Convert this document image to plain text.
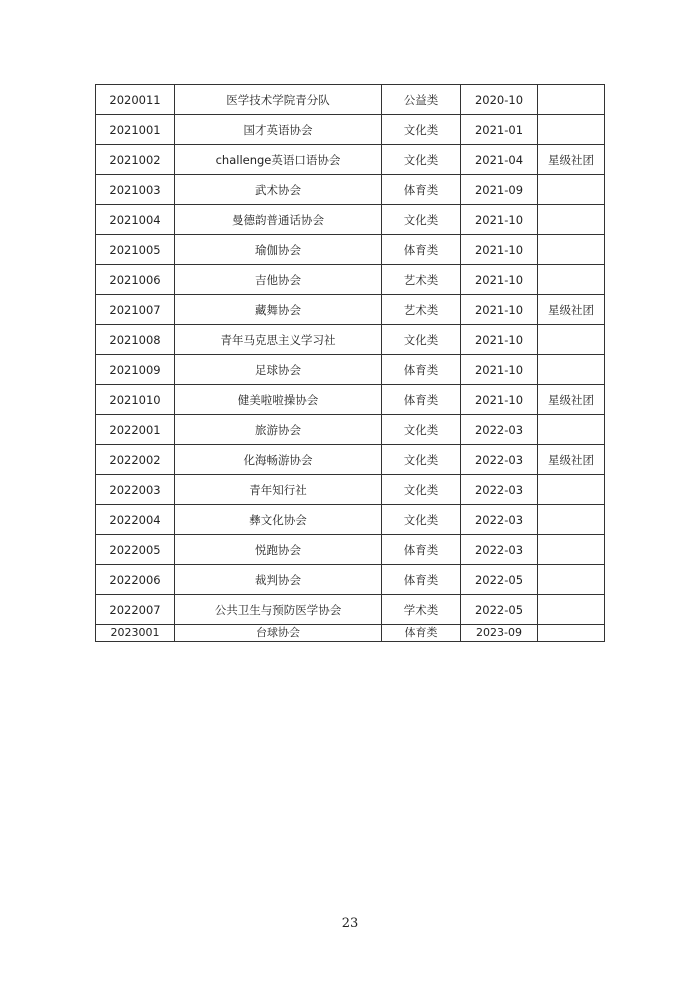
2020011	医学技术学院青分队	公益类	2020-10	
2021001	国才英语协会	文化类	2021-01	
2021002	challenge英语口语协会	文化类	2021-04	星级社团
2021003	武术协会	体育类	2021-09	
2021004	曼德韵普通话协会	文化类	2021-10	
2021005	瑜伽协会	体育类	2021-10	
2021006	吉他协会	艺术类	2021-10	
2021007	藏舞协会	艺术类	2021-10	星级社团
2021008	青年马克思主义学习社	文化类	2021-10	
2021009	足球协会	体育类	2021-10	
2021010	健美啦啦操协会	体育类	2021-10	星级社团
2022001	旅游协会	文化类	2022-03	
2022002	化海畅游协会	文化类	2022-03	星级社团
2022003	青年知行社	文化类	2022-03	
2022004	彝文化协会	文化类	2022-03	
2022005	悦跑协会	体育类	2022-03	
2022006	裁判协会	体育类	2022-05	
2022007	公共卫生与预防医学协会	学术类	2022-05	
2023001	台球协会	体育类	2023-09	
23
